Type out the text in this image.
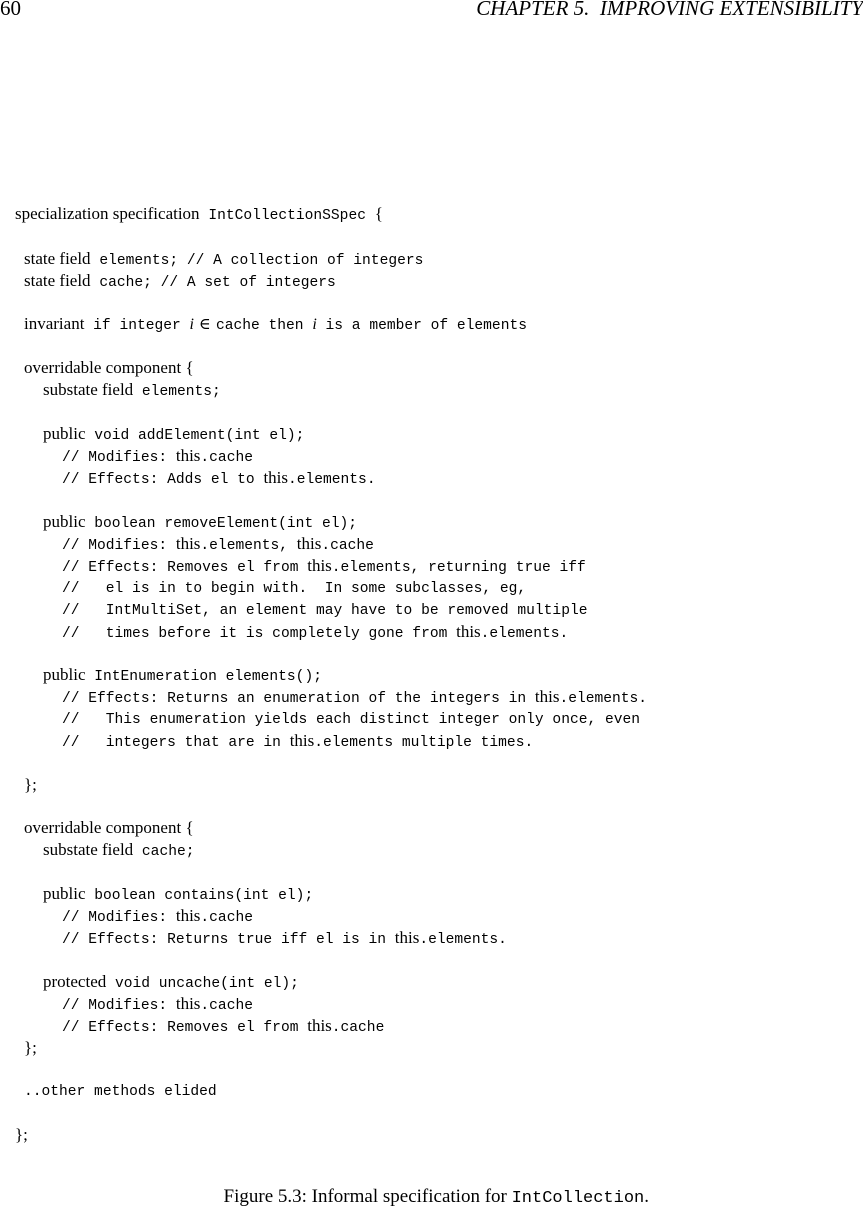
60	CHAPTER 5.  IMPROVING EXTENSIBILITY

specialization specification IntCollectionSSpec {

state field elements; // A collection of integers

state field cache; // A set of integers

invariant if integer i ∈ cache then i is a member of elements

overridable component {

substate field elements;

public void addElement(int el);

// Modifies: this.cache

// Effects: Adds el to this.elements.

public boolean removeElement(int el);

// Modifies: this.elements, this.cache

// Effects: Removes el from this.elements, returning true iff

//   el is in to begin with.  In some subclasses, eg,

//   IntMultiSet, an element may have to be removed multiple

//   times before it is completely gone from this.elements.

public IntEnumeration elements();

// Effects: Returns an enumeration of the integers in this.elements.

//   This enumeration yields each distinct integer only once, even

//   integers that are in this.elements multiple times.

};

overridable component {

substate field cache;

public boolean contains(int el);

// Modifies: this.cache

// Effects: Returns true iff el is in this.elements.

protected void uncache(int el);

// Modifies: this.cache

// Effects: Removes el from this.cache

};

..other methods elided

};

Figure 5.3: Informal specification for IntCollection.
